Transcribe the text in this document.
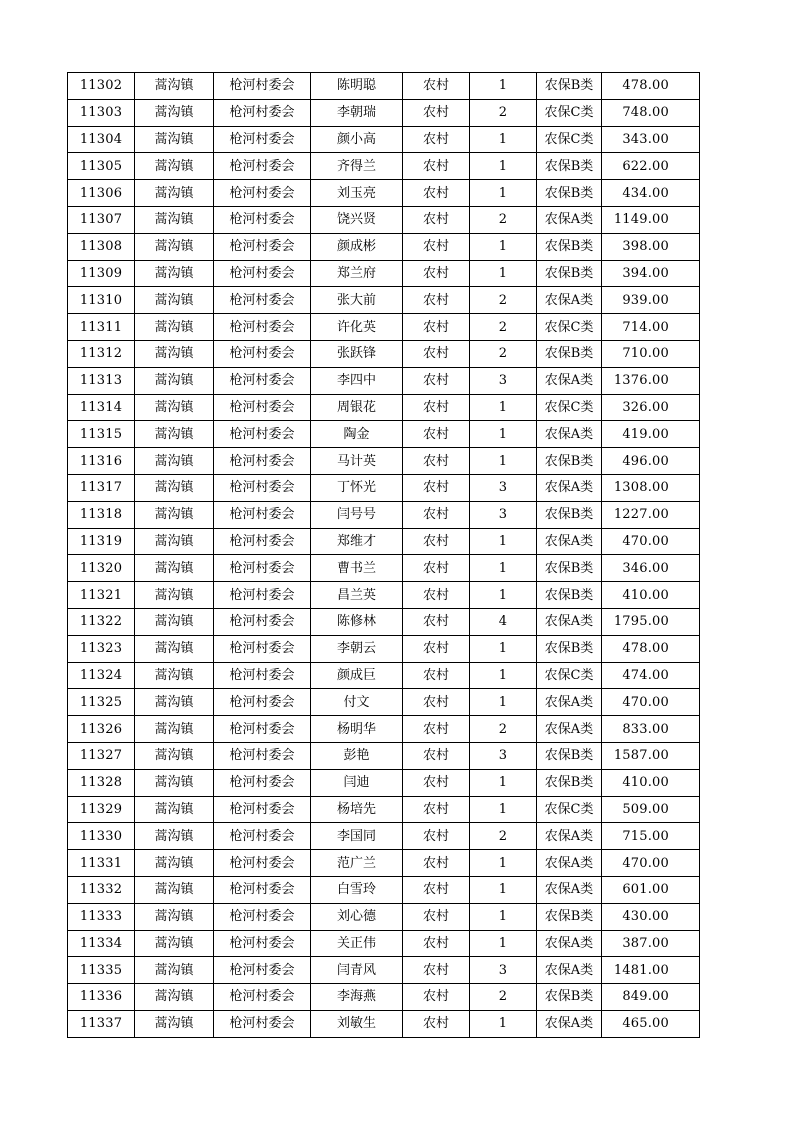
11302	蒿沟镇	枪河村委会	陈明聪	农村	1	农保B类	478.00
11303	蒿沟镇	枪河村委会	李朝瑞	农村	2	农保C类	748.00
11304	蒿沟镇	枪河村委会	颜小高	农村	1	农保C类	343.00
11305	蒿沟镇	枪河村委会	齐得兰	农村	1	农保B类	622.00
11306	蒿沟镇	枪河村委会	刘玉亮	农村	1	农保B类	434.00
11307	蒿沟镇	枪河村委会	饶兴贤	农村	2	农保A类	1149.00
11308	蒿沟镇	枪河村委会	颜成彬	农村	1	农保B类	398.00
11309	蒿沟镇	枪河村委会	郑兰府	农村	1	农保B类	394.00
11310	蒿沟镇	枪河村委会	张大前	农村	2	农保A类	939.00
11311	蒿沟镇	枪河村委会	许化英	农村	2	农保C类	714.00
11312	蒿沟镇	枪河村委会	张跃锋	农村	2	农保B类	710.00
11313	蒿沟镇	枪河村委会	李四中	农村	3	农保A类	1376.00
11314	蒿沟镇	枪河村委会	周银花	农村	1	农保C类	326.00
11315	蒿沟镇	枪河村委会	陶金	农村	1	农保A类	419.00
11316	蒿沟镇	枪河村委会	马计英	农村	1	农保B类	496.00
11317	蒿沟镇	枪河村委会	丁怀光	农村	3	农保A类	1308.00
11318	蒿沟镇	枪河村委会	闫号号	农村	3	农保B类	1227.00
11319	蒿沟镇	枪河村委会	郑维才	农村	1	农保A类	470.00
11320	蒿沟镇	枪河村委会	曹书兰	农村	1	农保B类	346.00
11321	蒿沟镇	枪河村委会	昌兰英	农村	1	农保B类	410.00
11322	蒿沟镇	枪河村委会	陈修林	农村	4	农保A类	1795.00
11323	蒿沟镇	枪河村委会	李朝云	农村	1	农保B类	478.00
11324	蒿沟镇	枪河村委会	颜成巨	农村	1	农保C类	474.00
11325	蒿沟镇	枪河村委会	付文	农村	1	农保A类	470.00
11326	蒿沟镇	枪河村委会	杨明华	农村	2	农保A类	833.00
11327	蒿沟镇	枪河村委会	彭艳	农村	3	农保B类	1587.00
11328	蒿沟镇	枪河村委会	闫迪	农村	1	农保B类	410.00
11329	蒿沟镇	枪河村委会	杨培先	农村	1	农保C类	509.00
11330	蒿沟镇	枪河村委会	李国同	农村	2	农保A类	715.00
11331	蒿沟镇	枪河村委会	范广兰	农村	1	农保A类	470.00
11332	蒿沟镇	枪河村委会	白雪玲	农村	1	农保A类	601.00
11333	蒿沟镇	枪河村委会	刘心德	农村	1	农保B类	430.00
11334	蒿沟镇	枪河村委会	关正伟	农村	1	农保A类	387.00
11335	蒿沟镇	枪河村委会	闫青风	农村	3	农保A类	1481.00
11336	蒿沟镇	枪河村委会	李海燕	农村	2	农保B类	849.00
11337	蒿沟镇	枪河村委会	刘敏生	农村	1	农保A类	465.00
